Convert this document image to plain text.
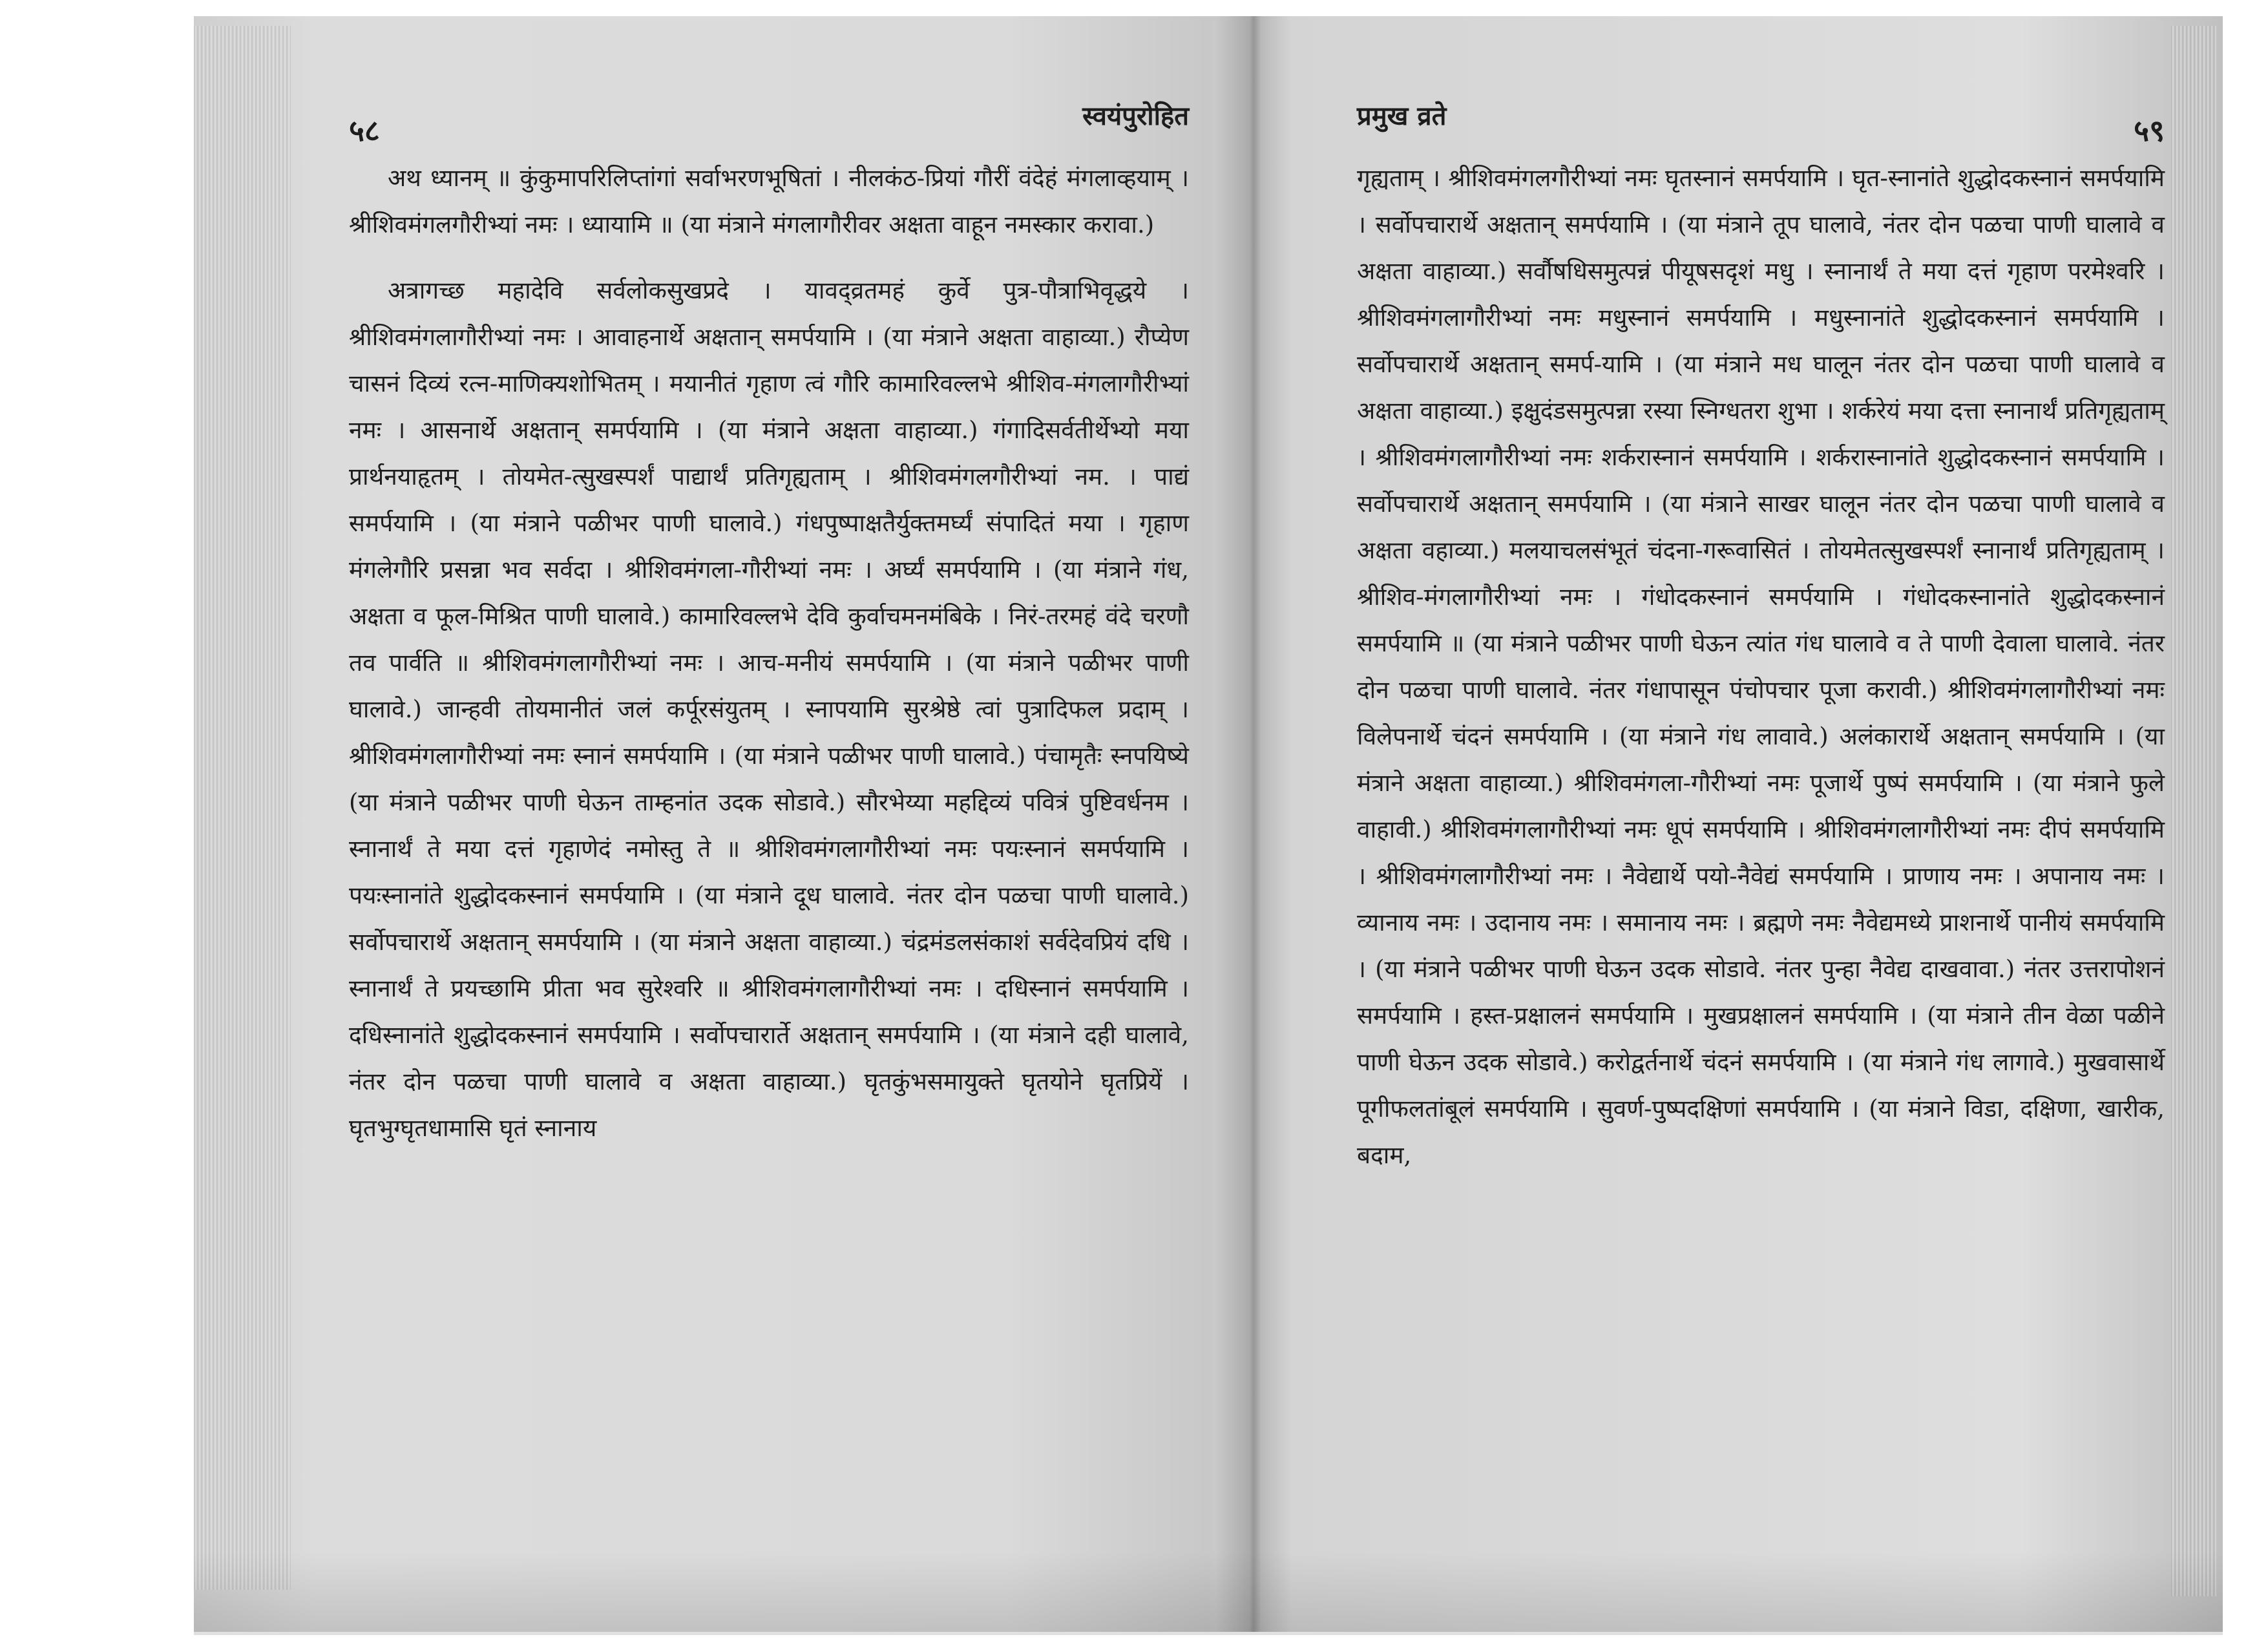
५८	स्वयंपुरोहित

अथ ध्यानम् ॥ कुंकुमापरिलिप्तांगां सर्वाभरणभूषितां । नीलकंठ-प्रियां गौरीं वंदेहं मंगलाव्हयाम् । श्रीशिवमंगलगौरीभ्यां नमः । ध्यायामि ॥ (या मंत्राने मंगलागौरीवर अक्षता वाहून नमस्कार करावा.)

अत्रागच्छ महादेवि सर्वलोकसुखप्रदे । यावद्व्रतमहं कुर्वे पुत्र-पौत्राभिवृद्धये । श्रीशिवमंगलागौरीभ्यां नमः । आवाहनार्थे अक्षतान् समर्पयामि । (या मंत्राने अक्षता वाहाव्या.) रौप्येण चासनं दिव्यं रत्न-माणिक्यशोभितम् । मयानीतं गृहाण त्वं गौरि कामारिवल्लभे श्रीशिव-मंगलागौरीभ्यां नमः । आसनार्थे अक्षतान् समर्पयामि । (या मंत्राने अक्षता वाहाव्या.) गंगादिसर्वतीर्थेभ्यो मया प्रार्थनयाहृतम् । तोयमेत-त्सुखस्पर्शं पाद्यार्थं प्रतिगृह्यताम् । श्रीशिवमंगलगौरीभ्यां नम. । पाद्यं समर्पयामि । (या मंत्राने पळीभर पाणी घालावे.) गंधपुष्पाक्षतैर्युक्तमर्घ्यं संपादितं मया । गृहाण मंगलेगौरि प्रसन्ना भव सर्वदा । श्रीशिवमंगला-गौरीभ्यां नमः । अर्घ्यं समर्पयामि । (या मंत्राने गंध, अक्षता व फूल-मिश्रित पाणी घालावे.) कामारिवल्लभे देवि कुर्वाचमनमंबिके । निरं-तरमहं वंदे चरणौ तव पार्वति ॥ श्रीशिवमंगलागौरीभ्यां नमः । आच-मनीयं समर्पयामि । (या मंत्राने पळीभर पाणी घालावे.) जान्हवी तोयमानीतं जलं कर्पूरसंयुतम् । स्नापयामि सुरश्रेष्ठे त्वां पुत्रादिफल प्रदाम् । श्रीशिवमंगलागौरीभ्यां नमः स्नानं समर्पयामि । (या मंत्राने पळीभर पाणी घालावे.) पंचामृतैः स्नपयिष्ये (या मंत्राने पळीभर पाणी घेऊन ताम्हनांत उदक सोडावे.) सौरभेय्या महद्दिव्यं पवित्रं पुष्टिवर्धनम । स्नानार्थं ते मया दत्तं गृहाणेदं नमोस्तु ते ॥ श्रीशिवमंगलागौरीभ्यां नमः पयःस्नानं समर्पयामि । पयःस्नानांते शुद्धोदकस्नानं समर्पयामि । (या मंत्राने दूध घालावे. नंतर दोन पळचा पाणी घालावे.) सर्वोपचारार्थे अक्षतान् समर्पयामि । (या मंत्राने अक्षता वाहाव्या.) चंद्रमंडलसंकाशं सर्वदेवप्रियं दधि । स्नानार्थं ते प्रयच्छामि प्रीता भव सुरेश्वरि ॥ श्रीशिवमंगलागौरीभ्यां नमः । दधिस्नानं समर्पयामि । दधिस्नानांते शुद्धोदकस्नानं समर्पयामि । सर्वोपचारार्ते अक्षतान् समर्पयामि । (या मंत्राने दही घालावे, नंतर दोन पळचा पाणी घालावे व अक्षता वाहाव्या.) घृतकुंभसमायुक्ते घृतयोने घृतप्रियें । घृतभुग्घृतधामासि घृतं स्नानाय

प्रमुख व्रते	५९

गृह्यताम् । श्रीशिवमंगलगौरीभ्यां नमः घृतस्नानं समर्पयामि । घृत-स्नानांते शुद्धोदकस्नानं समर्पयामि । सर्वोपचारार्थे अक्षतान् समर्पयामि । (या मंत्राने तूप घालावे, नंतर दोन पळचा पाणी घालावे व अक्षता वाहाव्या.) सर्वौषधिसमुत्पन्नं पीयूषसदृशं मधु । स्नानार्थं ते मया दत्तं गृहाण परमेश्वरि । श्रीशिवमंगलागौरीभ्यां नमः मधुस्नानं समर्पयामि । मधुस्नानांते शुद्धोदकस्नानं समर्पयामि । सर्वोपचारार्थे अक्षतान् समर्प-यामि । (या मंत्राने मध घालून नंतर दोन पळचा पाणी घालावे व अक्षता वाहाव्या.) इक्षुदंडसमुत्पन्ना रस्या स्निग्धतरा शुभा । शर्करेयं मया दत्ता स्नानार्थं प्रतिगृह्यताम् । श्रीशिवमंगलागौरीभ्यां नमः शर्करास्नानं समर्पयामि । शर्करास्नानांते शुद्धोदकस्नानं समर्पयामि । सर्वोपचारार्थे अक्षतान् समर्पयामि । (या मंत्राने साखर घालून नंतर दोन पळचा पाणी घालावे व अक्षता वहाव्या.) मलयाचलसंभूतं चंदना-गरूवासितं । तोयमेतत्सुखस्पर्शं स्नानार्थं प्रतिगृह्यताम् । श्रीशिव-मंगलागौरीभ्यां नमः । गंधोदकस्नानं समर्पयामि । गंधोदकस्नानांते शुद्धोदकस्नानं समर्पयामि ॥ (या मंत्राने पळीभर पाणी घेऊन त्यांत गंध घालावे व ते पाणी देवाला घालावे. नंतर दोन पळचा पाणी घालावे. नंतर गंधापासून पंचोपचार पूजा करावी.) श्रीशिवमंगलागौरीभ्यां नमः विलेपनार्थे चंदनं समर्पयामि । (या मंत्राने गंध लावावे.) अलंकारार्थे अक्षतान् समर्पयामि । (या मंत्राने अक्षता वाहाव्या.) श्रीशिवमंगला-गौरीभ्यां नमः पूजार्थे पुष्पं समर्पयामि । (या मंत्राने फुले वाहावी.) श्रीशिवमंगलागौरीभ्यां नमः धूपं समर्पयामि । श्रीशिवमंगलागौरीभ्यां नमः दीपं समर्पयामि । श्रीशिवमंगलागौरीभ्यां नमः । नैवेद्यार्थे पयो-नैवेद्यं समर्पयामि । प्राणाय नमः । अपानाय नमः । व्यानाय नमः । उदानाय नमः । समानाय नमः । ब्रह्मणे नमः नैवेद्यमध्ये प्राशनार्थे पानीयं समर्पयामि । (या मंत्राने पळीभर पाणी घेऊन उदक सोडावे. नंतर पुन्हा नैवेद्य दाखवावा.) नंतर उत्तरापोशनं समर्पयामि । हस्त-प्रक्षालनं समर्पयामि । मुखप्रक्षालनं समर्पयामि । (या मंत्राने तीन वेळा पळीने पाणी घेऊन उदक सोडावे.) करोद्वर्तनार्थे चंदनं समर्पयामि । (या मंत्राने गंध लागावे.) मुखवासार्थे पूगीफलतांबूलं समर्पयामि । सुवर्ण-पुष्पदक्षिणां समर्पयामि । (या मंत्राने विडा, दक्षिणा, खारीक, बदाम,
